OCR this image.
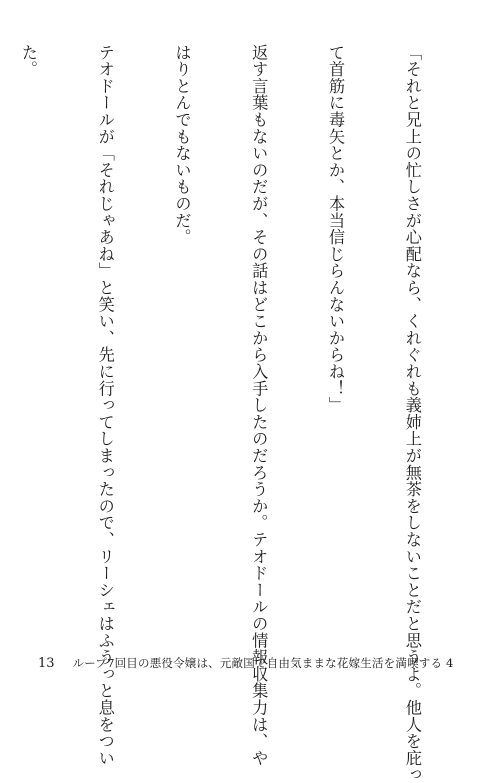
「それと兄上の忙しさが心配なら、くれぐれも義姉上が無茶をしないことだと思うよ。他人を庇っ

て首筋に毒矢とか、本当信じらんないからね！」

返す言葉もないのだが、その話はどこから入手したのだろうか。テオドールの情報収集力は、や

はりとんでもないものだ。

テオドールが「それじゃあね」と笑い、先に行ってしまったので、リーシェはふうっと息をつい

た。

13 ループ7回目の悪役令嬢は、元敵国で自由気ままな花嫁生活を満喫する 4
